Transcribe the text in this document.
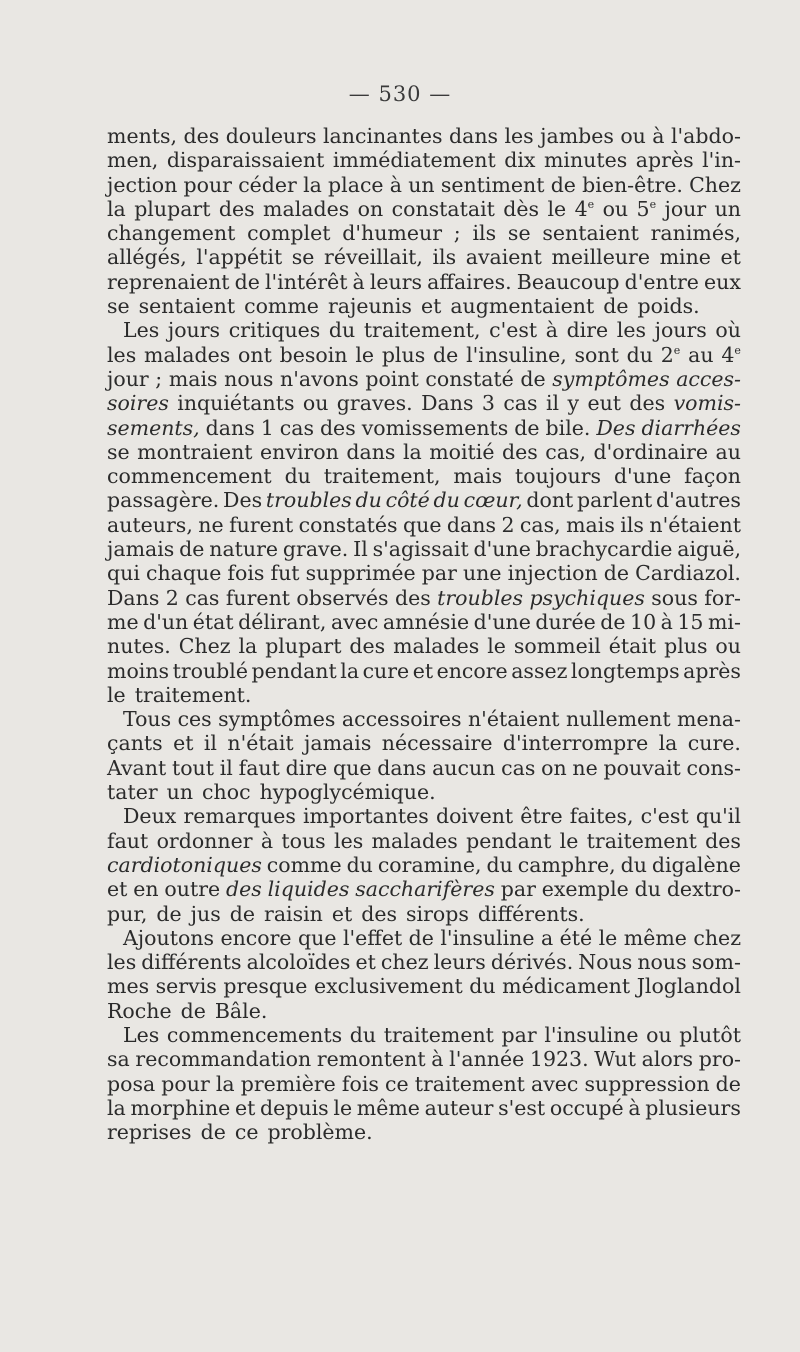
— 530 —
ments, des douleurs lancinantes dans les jambes ou à l'abdo-
men, disparaissaient immédiatement dix minutes après l'in-
jection pour céder la place à un sentiment de bien-être. Chez
la plupart des malades on constatait dès le 4e ou 5e jour un
changement complet d'humeur ; ils se sentaient ranimés,
allégés, l'appétit se réveillait, ils avaient meilleure mine et
reprenaient de l'intérêt à leurs affaires. Beaucoup d'entre eux
se sentaient comme rajeunis et augmentaient de poids.
Les jours critiques du traitement, c'est à dire les jours où
les malades ont besoin le plus de l'insuline, sont du 2e au 4e
jour ; mais nous n'avons point constaté de symptômes acces-
soires inquiétants ou graves. Dans 3 cas il y eut des vomis-
sements, dans 1 cas des vomissements de bile. Des diarrhées
se montraient environ dans la moitié des cas, d'ordinaire au
commencement du traitement, mais toujours d'une façon
passagère. Des troubles du côté du cœur, dont parlent d'autres
auteurs, ne furent constatés que dans 2 cas, mais ils n'étaient
jamais de nature grave. Il s'agissait d'une brachycardie aiguë,
qui chaque fois fut supprimée par une injection de Cardiazol.
Dans 2 cas furent observés des troubles psychiques sous for-
me d'un état délirant, avec amnésie d'une durée de 10 à 15 mi-
nutes. Chez la plupart des malades le sommeil était plus ou
moins troublé pendant la cure et encore assez longtemps après
le traitement.
Tous ces symptômes accessoires n'étaient nullement mena-
çants et il n'était jamais nécessaire d'interrompre la cure.
Avant tout il faut dire que dans aucun cas on ne pouvait cons-
tater un choc hypoglycémique.
Deux remarques importantes doivent être faites, c'est qu'il
faut ordonner à tous les malades pendant le traitement des
cardiotoniques comme du coramine, du camphre, du digalène
et en outre des liquides saccharifères par exemple du dextro-
pur, de jus de raisin et des sirops différents.
Ajoutons encore que l'effet de l'insuline a été le même chez
les différents alcoloïdes et chez leurs dérivés. Nous nous som-
mes servis presque exclusivement du médicament Jloglandol
Roche de Bâle.
Les commencements du traitement par l'insuline ou plutôt
sa recommandation remontent à l'année 1923. Wut alors pro-
posa pour la première fois ce traitement avec suppression de
la morphine et depuis le même auteur s'est occupé à plusieurs
reprises de ce problème.
